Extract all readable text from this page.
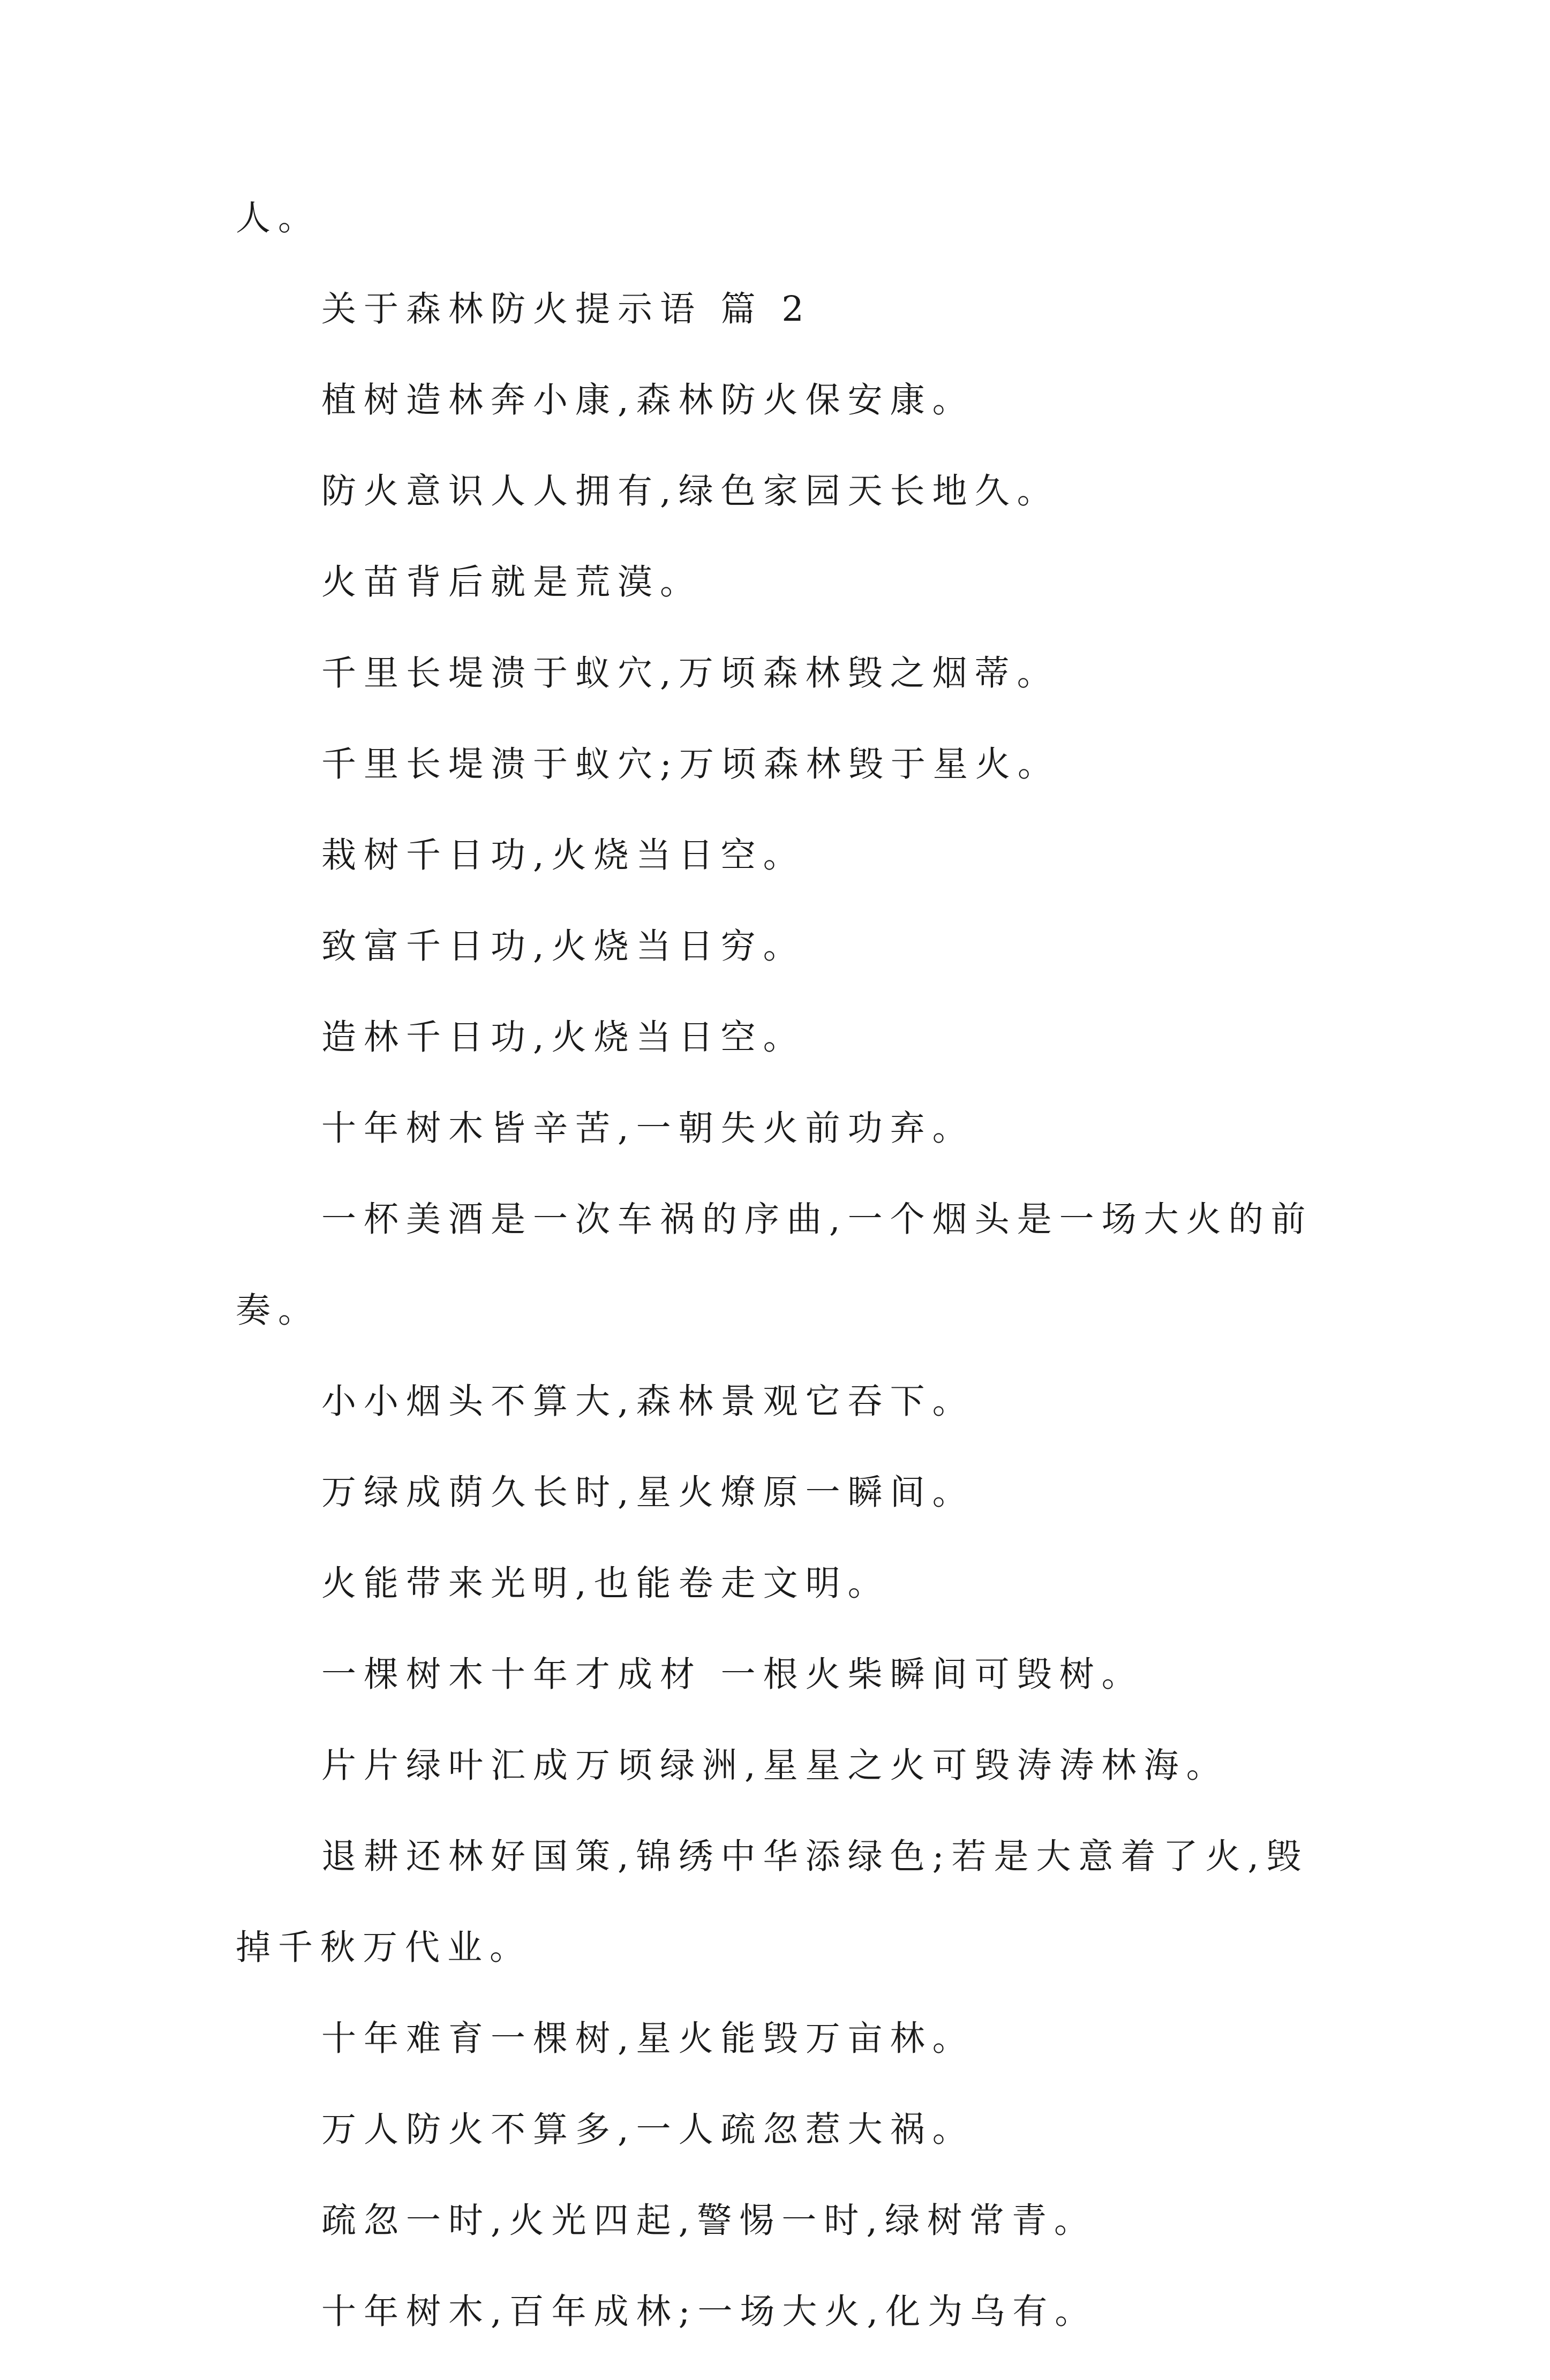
人。

关于森林防火提示语 篇 2

植树造林奔小康,森林防火保安康。

防火意识人人拥有,绿色家园天长地久。

火苗背后就是荒漠。

千里长堤溃于蚁穴,万顷森林毁之烟蒂。

千里长堤溃于蚁穴;万顷森林毁于星火。

栽树千日功,火烧当日空。

致富千日功,火烧当日穷。

造林千日功,火烧当日空。

十年树木皆辛苦,一朝失火前功弃。

一杯美酒是一次车祸的序曲,一个烟头是一场大火的前
奏。

小小烟头不算大,森林景观它吞下。

万绿成荫久长时,星火燎原一瞬间。

火能带来光明,也能卷走文明。

一棵树木十年才成材 一根火柴瞬间可毁树。

片片绿叶汇成万顷绿洲,星星之火可毁涛涛林海。

退耕还林好国策,锦绣中华添绿色;若是大意着了火,毁
掉千秋万代业。

十年难育一棵树,星火能毁万亩林。

万人防火不算多,一人疏忽惹大祸。

疏忽一时,火光四起,警惕一时,绿树常青。

十年树木,百年成林;一场大火,化为乌有。
